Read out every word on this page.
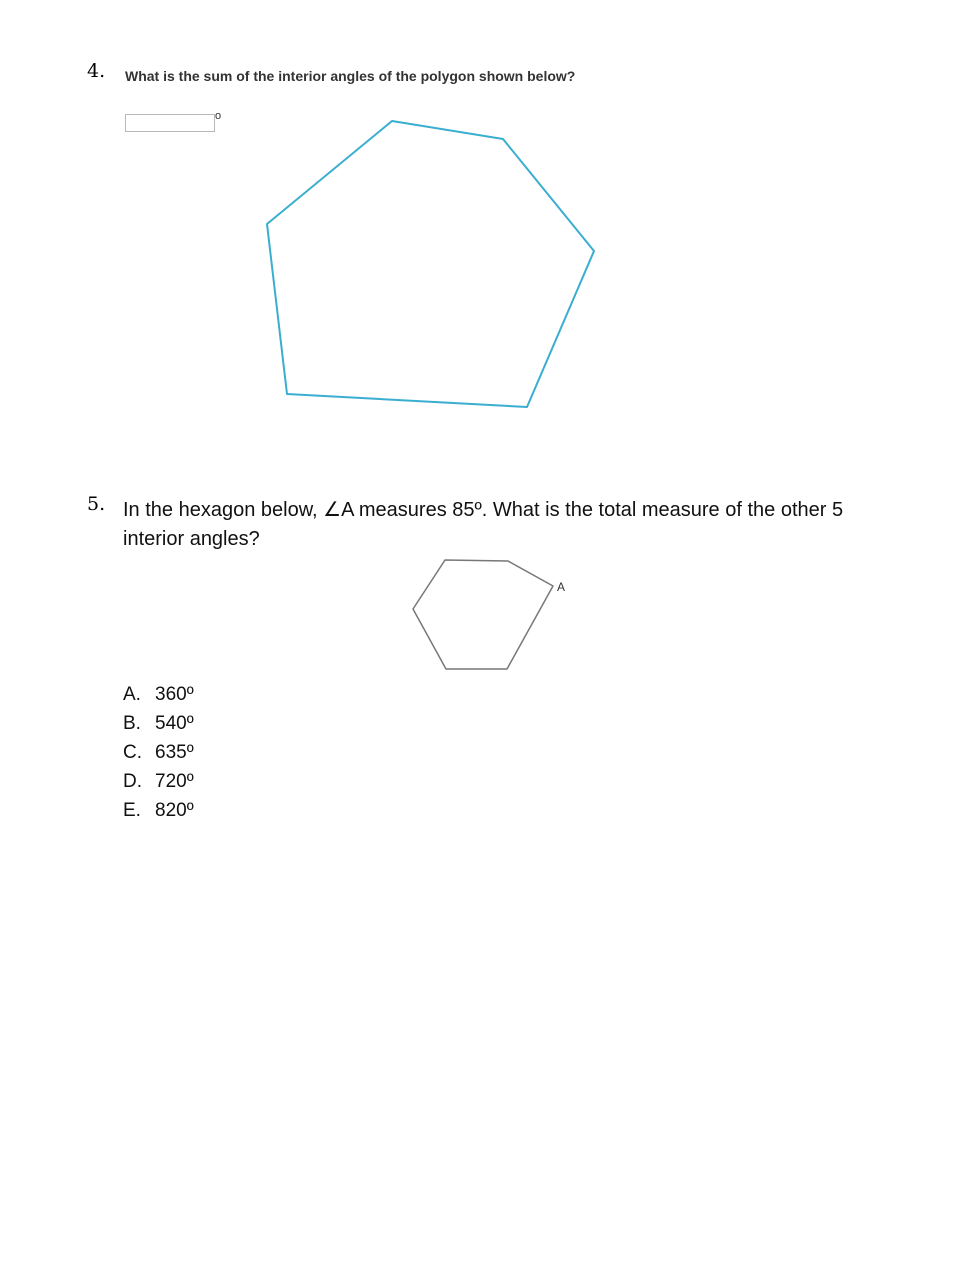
4. What is the sum of the interior angles of the polygon shown below?
o
5. In the hexagon below, ∠A measures 85º. What is the total measure of the other 5
interior angles?
A
A. 360º
B. 540º
C. 635º
D. 720º
E. 820º
